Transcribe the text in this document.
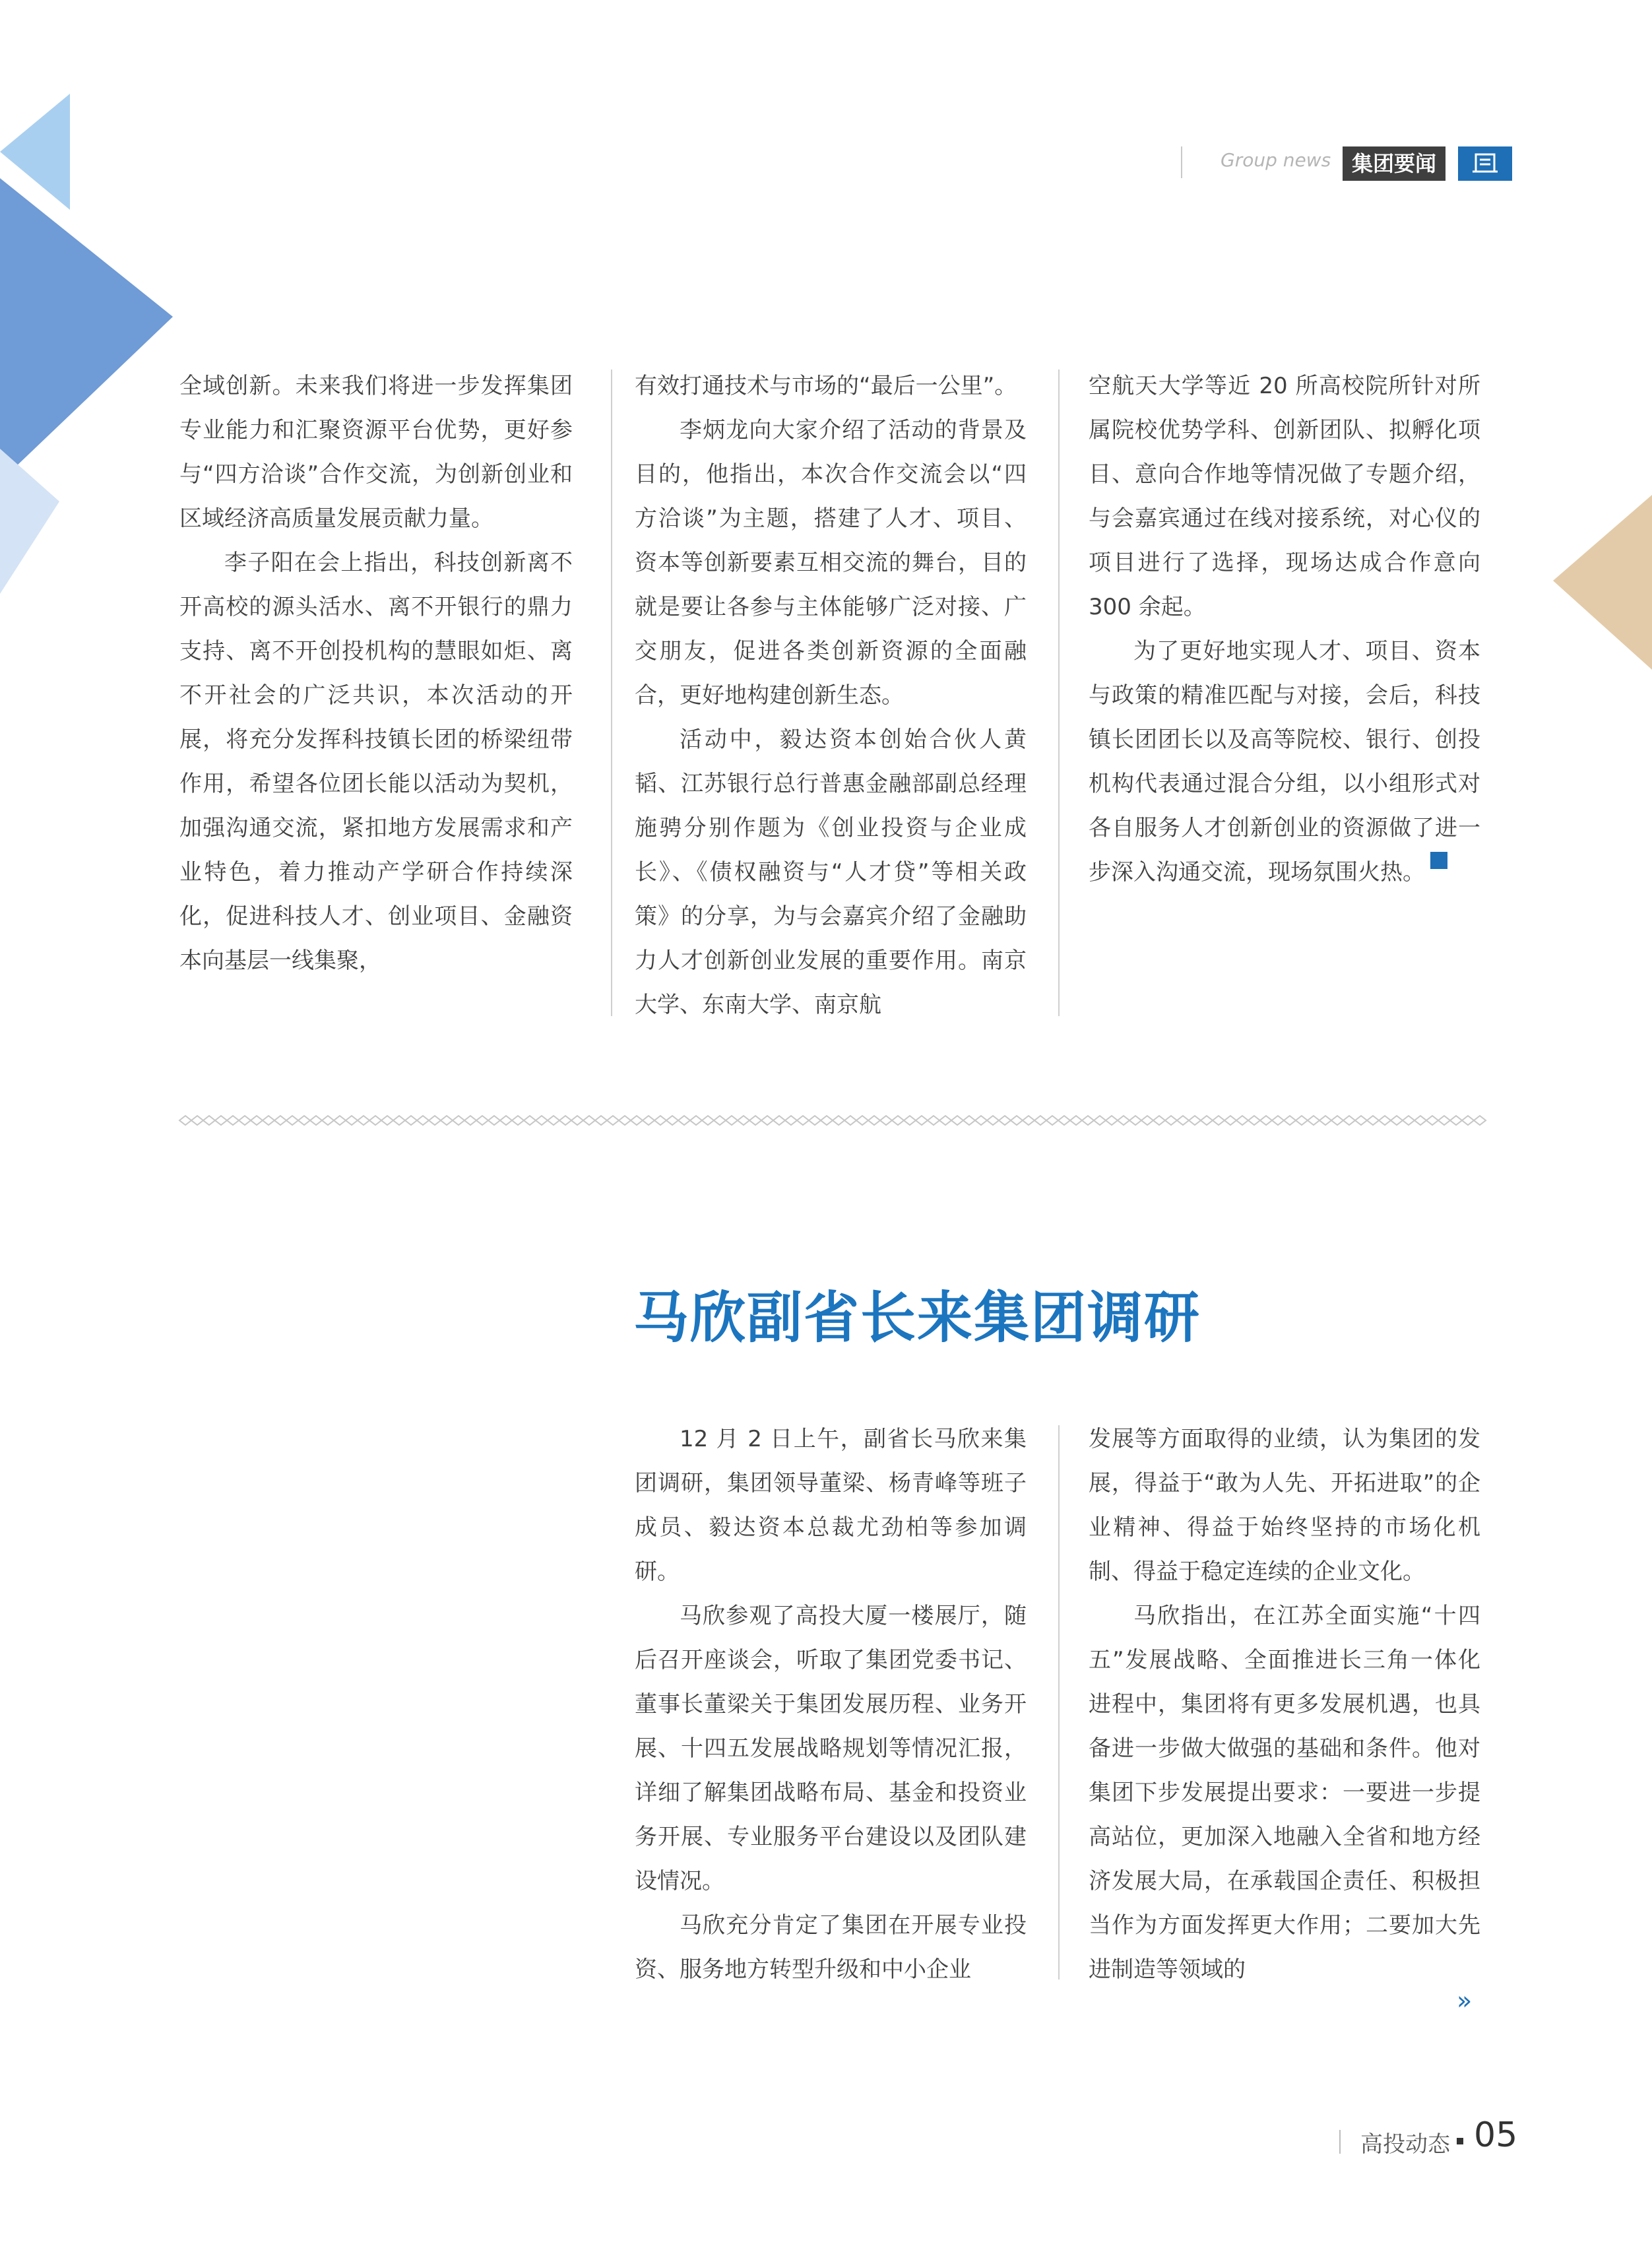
Group news 集团要闻

全域创新。未来我们将进一步发挥集团专业能力和汇聚资源平台优势，更好参与“四方洽谈”合作交流，为创新创业和区域经济高质量发展贡献力量。

李子阳在会上指出，科技创新离不开高校的源头活水、离不开银行的鼎力支持、离不开创投机构的慧眼如炬、离不开社会的广泛共识，本次活动的开展，将充分发挥科技镇长团的桥梁纽带作用，希望各位团长能以活动为契机，加强沟通交流，紧扣地方发展需求和产业特色，着力推动产学研合作持续深化，促进科技人才、创业项目、金融资本向基层一线集聚，

有效打通技术与市场的“最后一公里”。

李炳龙向大家介绍了活动的背景及目的，他指出，本次合作交流会以“四方洽谈”为主题，搭建了人才、项目、资本等创新要素互相交流的舞台，目的就是要让各参与主体能够广泛对接、广交朋友，促进各类创新资源的全面融合，更好地构建创新生态。

活动中，毅达资本创始合伙人黄韬、江苏银行总行普惠金融部副总经理施骋分别作题为《创业投资与企业成长》、《债权融资与“人才贷”等相关政策》的分享，为与会嘉宾介绍了金融助力人才创新创业发展的重要作用。南京大学、东南大学、南京航

空航天大学等近 20 所高校院所针对所属院校优势学科、创新团队、拟孵化项目、意向合作地等情况做了专题介绍，与会嘉宾通过在线对接系统，对心仪的项目进行了选择，现场达成合作意向 300 余起。

为了更好地实现人才、项目、资本与政策的精准匹配与对接，会后，科技镇长团团长以及高等院校、银行、创投机构代表通过混合分组，以小组形式对各自服务人才创新创业的资源做了进一步深入沟通交流，现场氛围火热。

马欣副省长来集团调研

12 月 2 日上午，副省长马欣来集团调研，集团领导董梁、杨青峰等班子成员、毅达资本总裁尤劲柏等参加调研。

马欣参观了高投大厦一楼展厅，随后召开座谈会，听取了集团党委书记、董事长董梁关于集团发展历程、业务开展、十四五发展战略规划等情况汇报，详细了解集团战略布局、基金和投资业务开展、专业服务平台建设以及团队建设情况。

马欣充分肯定了集团在开展专业投资、服务地方转型升级和中小企业

发展等方面取得的业绩，认为集团的发展，得益于“敢为人先、开拓进取”的企业精神、得益于始终坚持的市场化机制、得益于稳定连续的企业文化。

马欣指出，在江苏全面实施“十四五”发展战略、全面推进长三角一体化进程中，集团将有更多发展机遇，也具备进一步做大做强的基础和条件。他对集团下步发展提出要求：一要进一步提高站位，更加深入地融入全省和地方经济发展大局，在承载国企责任、积极担当作为方面发挥更大作用；二要加大先进制造等领域的

»
高投动态 05
